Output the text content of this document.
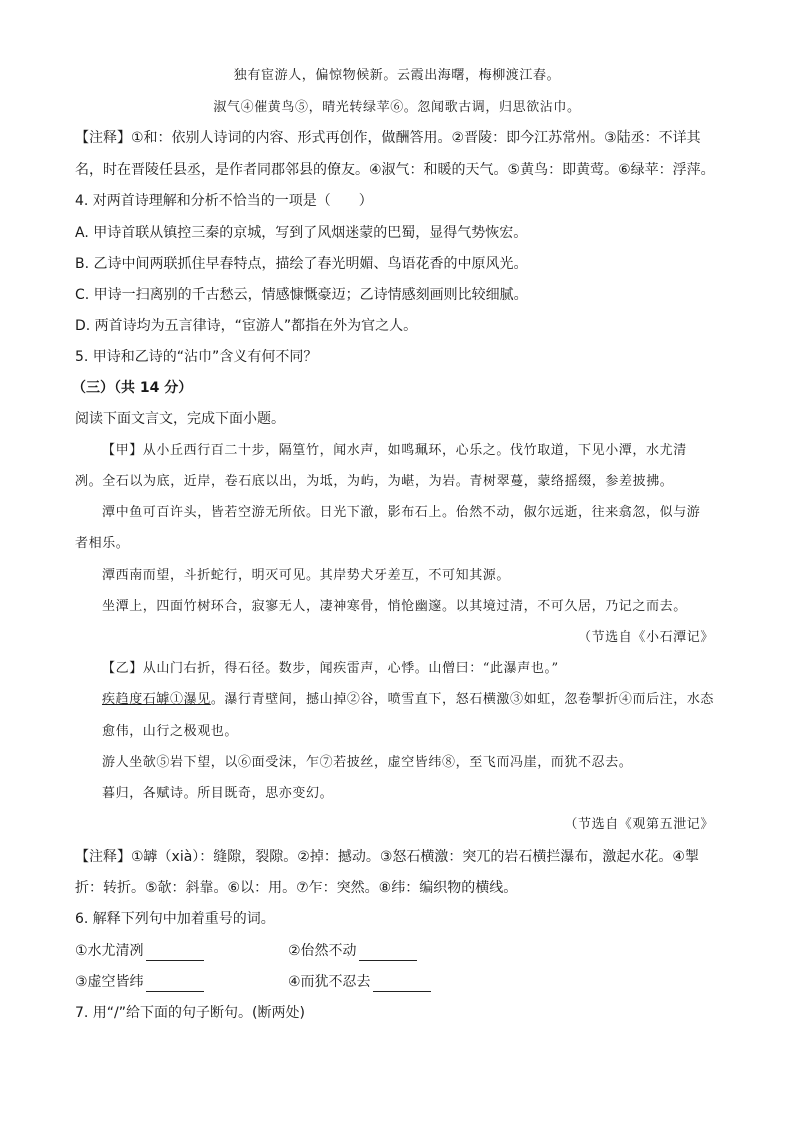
独有宦游人，偏惊物候新。云霞出海曙，梅柳渡江春。
淑气④催黄鸟⑤，晴光转绿苹⑥。忽闻歌古调，归思欲沾巾。
【注释】①和：依别人诗词的内容、形式再创作，做酬答用。②晋陵：即今江苏常州。③陆丞：不详其
名，时在晋陵任县丞，是作者同郡邻县的僚友。④淑气：和暖的天气。⑤黄鸟：即黄莺。⑥绿苹：浮萍。
4. 对两首诗理解和分析不恰当的一项是（　　）
A. 甲诗首联从镇控三秦的京城，写到了风烟迷蒙的巴蜀，显得气势恢宏。
B. 乙诗中间两联抓住早春特点，描绘了春光明媚、鸟语花香的中原风光。
C. 甲诗一扫离别的千古愁云，情感慷慨豪迈；乙诗情感刻画则比较细腻。
D. 两首诗均为五言律诗，“宦游人”都指在外为官之人。
5. 甲诗和乙诗的“沾巾”含义有何不同？
（三）（共 14 分）
阅读下面文言文，完成下面小题。
【甲】从小丘西行百二十步，隔篁竹，闻水声，如鸣珮环，心乐之。伐竹取道，下见小潭，水尤清
冽。全石以为底，近岸，卷石底以出，为坻，为屿，为嵁，为岩。青树翠蔓，蒙络摇缀，参差披拂。
潭中鱼可百许头，皆若空游无所依。日光下澈，影布石上。佁然不动，俶尔远逝，往来翕忽，似与游
者相乐。
潭西南而望，斗折蛇行，明灭可见。其岸势犬牙差互，不可知其源。
坐潭上，四面竹树环合，寂寥无人，凄神寒骨，悄怆幽邃。以其境过清，不可久居，乃记之而去。
（节选自《小石潭记》
【乙】从山门右折，得石径。数步，闻疾雷声，心悸。山僧曰：“此瀑声也。”
疾趋度石罅①瀑见。瀑行青壁间，撼山掉②谷，喷雪直下，怒石横激③如虹，忽卷掣折④而后注，水态
愈伟，山行之极观也。
游人坐欹⑤岩下望，以⑥面受沫，乍⑦若披丝，虚空皆纬⑧，至飞而冯崖，而犹不忍去。
暮归，各赋诗。所目既奇，思亦变幻。
（节选自《观第五泄记》
【注释】①罅（xià）：缝隙，裂隙。②掉：撼动。③怒石横激：突兀的岩石横拦瀑布，激起水花。④掣
折：转折。⑤欹：斜靠。⑥以：用。⑦乍：突然。⑧纬：编织物的横线。
6. 解释下列句中加着重号的词。
①水尤清冽	②佁然不动
③虚空皆纬	④而犹不忍去
7. 用“/”给下面的句子断句。(断两处)
